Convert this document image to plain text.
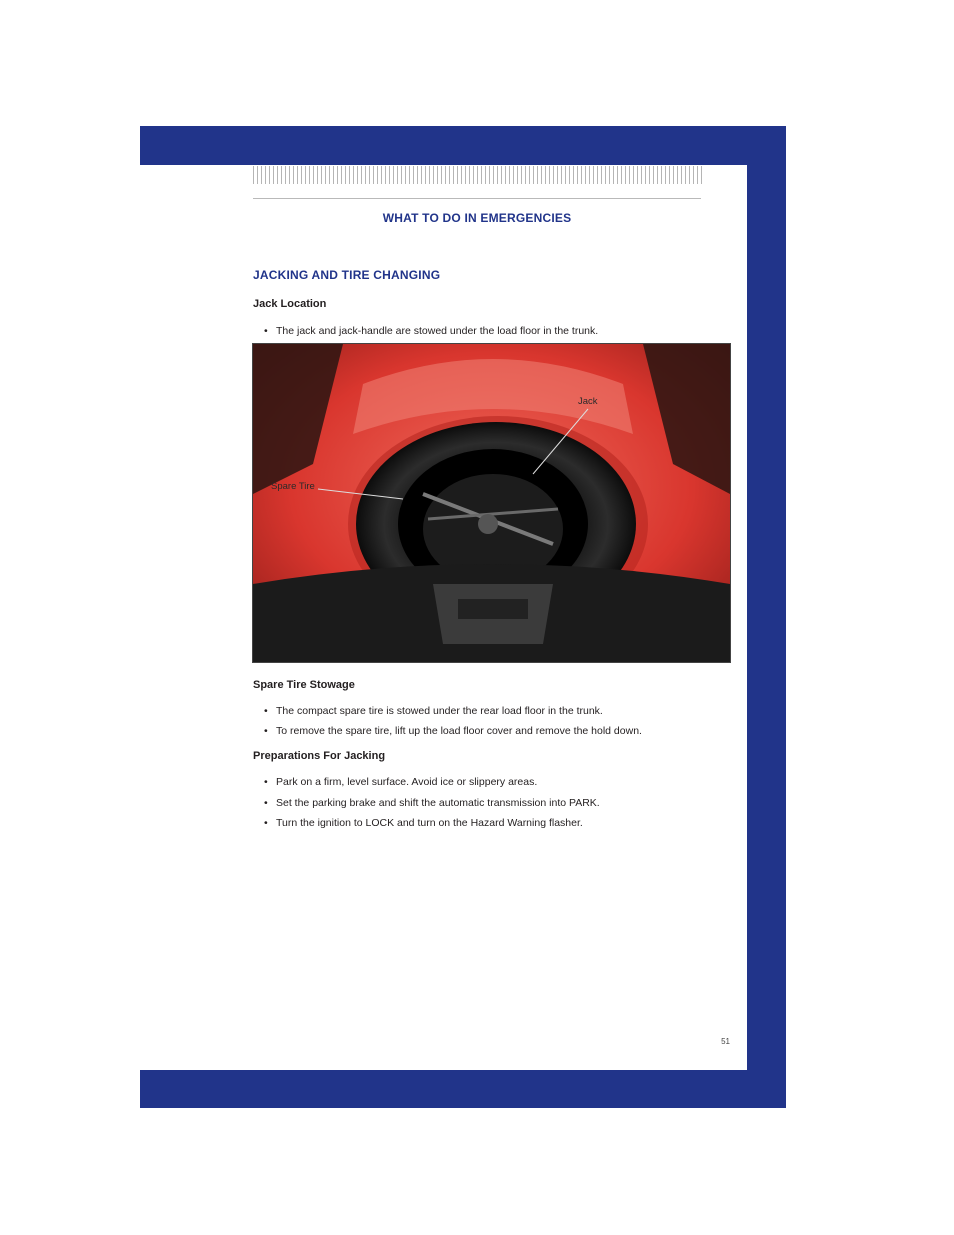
WHAT TO DO IN EMERGENCIES
JACKING AND TIRE CHANGING
Jack Location

• The jack and jack-handle are stowed under the load floor in the trunk.

Jack
Spare Tire
Spare Tire Stowage

• The compact spare tire is stowed under the rear load floor in the trunk.

• To remove the spare tire, lift up the load floor cover and remove the hold down.

Preparations For Jacking

• Park on a firm, level surface. Avoid ice or slippery areas.

• Set the parking brake and shift the automatic transmission into PARK.

• Turn the ignition to LOCK and turn on the Hazard Warning flasher.

51
